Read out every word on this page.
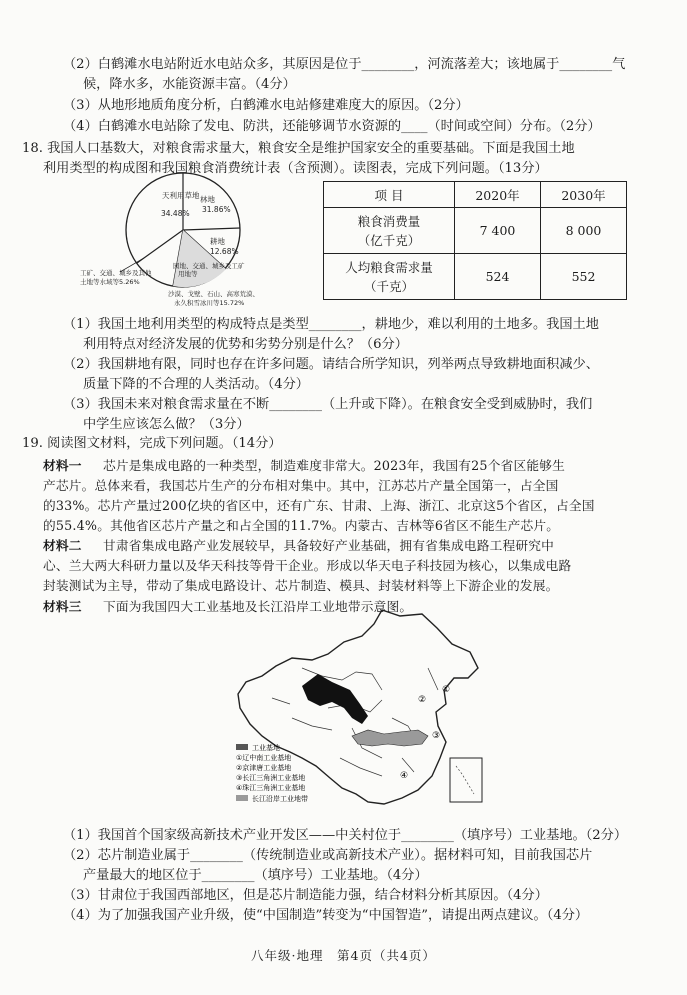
（2）白鹤滩水电站附近水电站众多，其原因是位于________，河流落差大；该地属于________气
候，降水多，水能资源丰富。（4分）
（3）从地形地质角度分析，白鹤滩水电站修建难度大的原因。（2分）
（4）白鹤滩水电站除了发电、防洪，还能够调节水资源的____（时间或空间）分布。（2分）
18. 我国人口基数大，对粮食需求量大，粮食安全是维护国家安全的重要基础。下面是我国土地
利用类型的构成图和我国粮食消费统计表（含预测）。读图表，完成下列问题。（13分）
天利用草地
34.48%
林地
31.86%
耕地
12.68%
园地、交通、城乡及工矿
用地等
沙漠、戈壁、石山、高寒荒漠、
永久积雪冰川等15.72%
工矿、交通、城乡及其他
土地等水域等5.26%
项 目	2020年	2030年

粮食消费量
（亿千克）	7 400	8 000

人均粮食需求量
（千克）	524	552
（1）我国土地利用类型的构成特点是类型________，耕地少，难以利用的土地多。我国土地
利用特点对经济发展的优势和劣势分别是什么？（6分）
（2）我国耕地有限，同时也存在许多问题。请结合所学知识，列举两点导致耕地面积减少、
质量下降的不合理的人类活动。（4分）
（3）我国未来对粮食需求量在不断________（上升或下降）。在粮食安全受到威胁时，我们
中学生应该怎么做？（3分）
19. 阅读图文材料，完成下列问题。（14分）
材料一 芯片是集成电路的一种类型，制造难度非常大。2023年，我国有25个省区能够生
产芯片。总体来看，我国芯片生产的分布相对集中。其中，江苏芯片产量全国第一，占全国
的33%。芯片产量过200亿块的省区中，还有广东、甘肃、上海、浙江、北京这5个省区，占全国
的55.4%。其他省区芯片产量之和占全国的11.7%。内蒙古、吉林等6省区不能生产芯片。
材料二 甘肃省集成电路产业发展较早，具备较好产业基础，拥有省集成电路工程研究中
心、兰大两大科研力量以及华天科技等骨干企业。形成以华天电子科技园为核心，以集成电路
封装测试为主导，带动了集成电路设计、芯片制造、模具、封装材料等上下游企业的发展。
材料三 下面为我国四大工业基地及长江沿岸工业地带示意图。
①
②
③
④
工业基地
①辽中南工业基地
②京津唐工业基地
③长江三角洲工业基地
④珠江三角洲工业基地
长江沿岸工业地带
（1）我国首个国家级高新技术产业开发区——中关村位于________（填序号）工业基地。（2分）
（2）芯片制造业属于________（传统制造业或高新技术产业）。据材料可知，目前我国芯片
产量最大的地区位于________（填序号）工业基地。（4分）
（3）甘肃位于我国西部地区，但是芯片制造能力强，结合材料分析其原因。（4分）
（4）为了加强我国产业升级，使“中国制造”转变为“中国智造”，请提出两点建议。（4分）
八年级·地理　第4页（共4页）
